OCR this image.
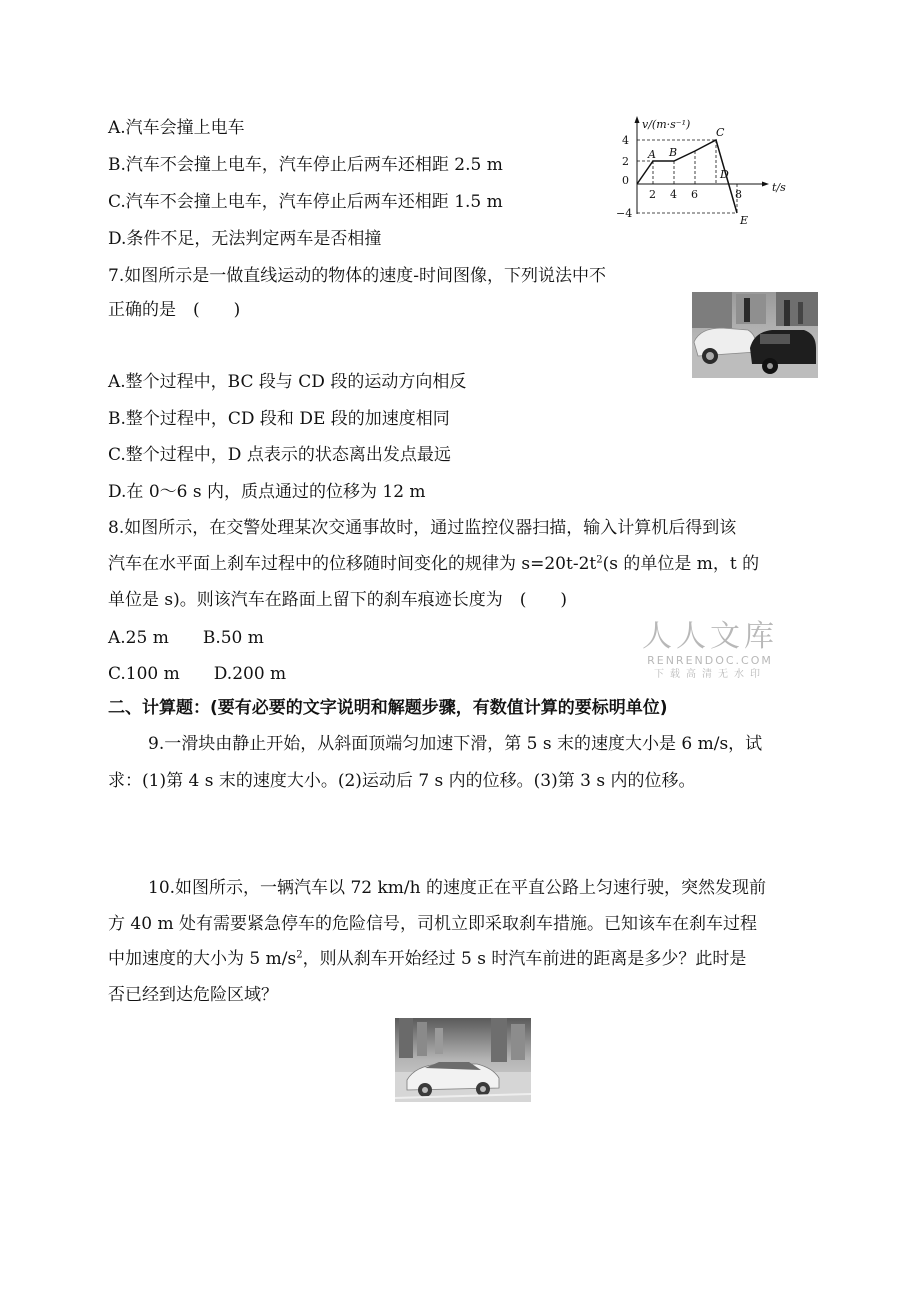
A.汽车会撞上电车
B.汽车不会撞上电车，汽车停止后两车还相距 2.5 m
C.汽车不会撞上电车，汽车停止后两车还相距 1.5 m
D.条件不足，无法判定两车是否相撞
v/(m·s⁻¹)
t/s
4
2
0
−4
2 4 6	8
A B
C
D
E
7.如图所示是一做直线运动的物体的速度-时间图像，下列说法中不
正确的是　(　　)
A.整个过程中，BC 段与 CD 段的运动方向相反
B.整个过程中，CD 段和 DE 段的加速度相同
C.整个过程中，D 点表示的状态离出发点最远
D.在 0～6 s 内，质点通过的位移为 12 m
8.如图所示，在交警处理某次交通事故时，通过监控仪器扫描，输入计算机后得到该
汽车在水平面上刹车过程中的位移随时间变化的规律为 $s=20t-2t^2(s$ 的单位是 m，t 的
单位是 s)。则该汽车在路面上留下的刹车痕迹长度为　(　　)
A.25 m　　B.50 m
C.100 m　　D.200 m
人人文库
RENRENDOC.COM
下载高清无水印
二、计算题：(要有必要的文字说明和解题步骤，有数值计算的要标明单位)
9.一滑块由静止开始，从斜面顶端匀加速下滑，第 5 s 末的速度大小是 6 m/s，试
求：(1)第 4 s 末的速度大小。(2)运动后 7 s 内的位移。(3)第 3 s 内的位移。
10.如图所示，一辆汽车以 72 km/h 的速度正在平直公路上匀速行驶，突然发现前
方 40 m 处有需要紧急停车的危险信号，司机立即采取刹车措施。已知该车在刹车过程
中加速度的大小为 5 $m/s^2$，则从刹车开始经过 5 s 时汽车前进的距离是多少？此时是
否已经到达危险区域？
